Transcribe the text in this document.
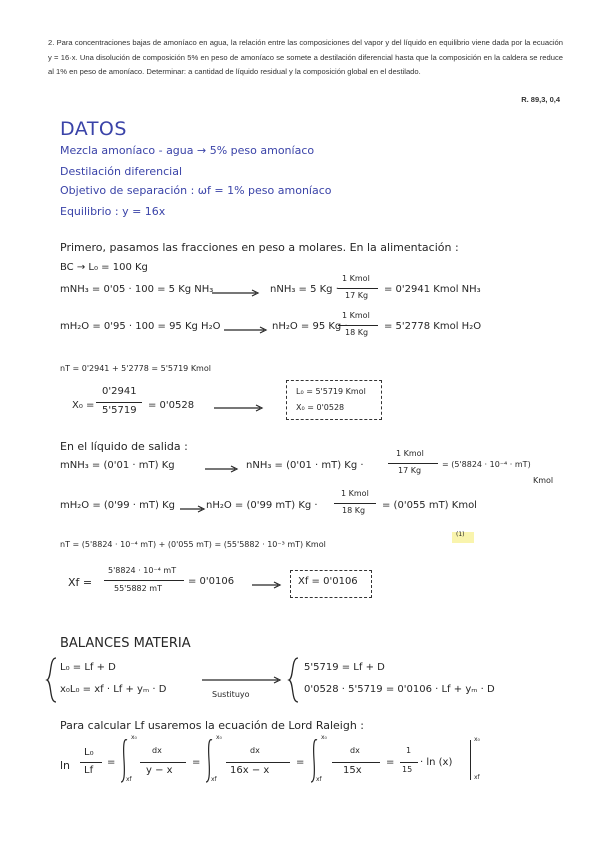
2. Para concentraciones bajas de amoníaco en agua, la relación entre las composiciones del vapor y del líquido en equilibrio viene dada por la ecuación y = 16·x. Una disolución de composición 5% en peso de amoníaco se somete a destilación diferencial hasta que la composición en la caldera se reduce al 1% en peso de amoníaco. Determinar: a cantidad de líquido residual y la composición global en el destilado.
R. 89,3, 0,4
DATOS
Mezcla amoníaco - agua → 5% peso amoníaco
Destilación diferencial
Objetivo de separación : ωf = 1% peso amoníaco
Equilibrio : y = 16x
Primero, pasamos las fracciones en peso a molares. En la alimentación :
BC → L₀ = 100 Kg
mNH₃ = 0'05 · 100 = 5 Kg NH₃	nNH₃ = 5 Kg ·
1 Kmol
17 Kg
= 0'2941 Kmol NH₃
mH₂O = 0'95 · 100 = 95 Kg H₂O	nH₂O = 95 Kg ·
1 Kmol
18 Kg
= 5'2778 Kmol H₂O
nT = 0'2941 + 5'2778 = 5'5719 Kmol
X₀ =
0'2941
5'5719 = 0'0528
L₀ = 5'5719 Kmol
X₀ = 0'0528
En el líquido de salida :
mNH₃ = (0'01 · mT) Kg	nNH₃ = (0'01 · mT) Kg ·
1 Kmol
17 Kg
= (5'8824 · 10⁻⁴ · mT)
Kmol
mH₂O = (0'99 · mT) Kg	nH₂O = (0'99 mT) Kg ·
1 Kmol
18 Kg = (0'055 mT) Kmol
nT = (5'8824 · 10⁻⁴ mT) + (0'055 mT) = (55'5882 · 10⁻³ mT) Kmol
(1)
Xf =
5'8824 · 10⁻⁴ mT
55'5882 mT
= 0'0106	Xf = 0'0106
BALANCES MATERIA
L₀ = Lf + D
x₀L₀ = xf · Lf + yₘ · D	Sustituyo
5'5719 = Lf + D
0'0528 · 5'5719 = 0'0106 · Lf + yₘ · D
Para calcular Lf usaremos la ecuación de Lord Raleigh :
ln
L₀
Lf
=
x₀
xf
dx
y − x
=
x₀
xf
dx
16x − x
=
x₀
xf
dx
15x
=
1
15
· ln (x)
x₀
xf
